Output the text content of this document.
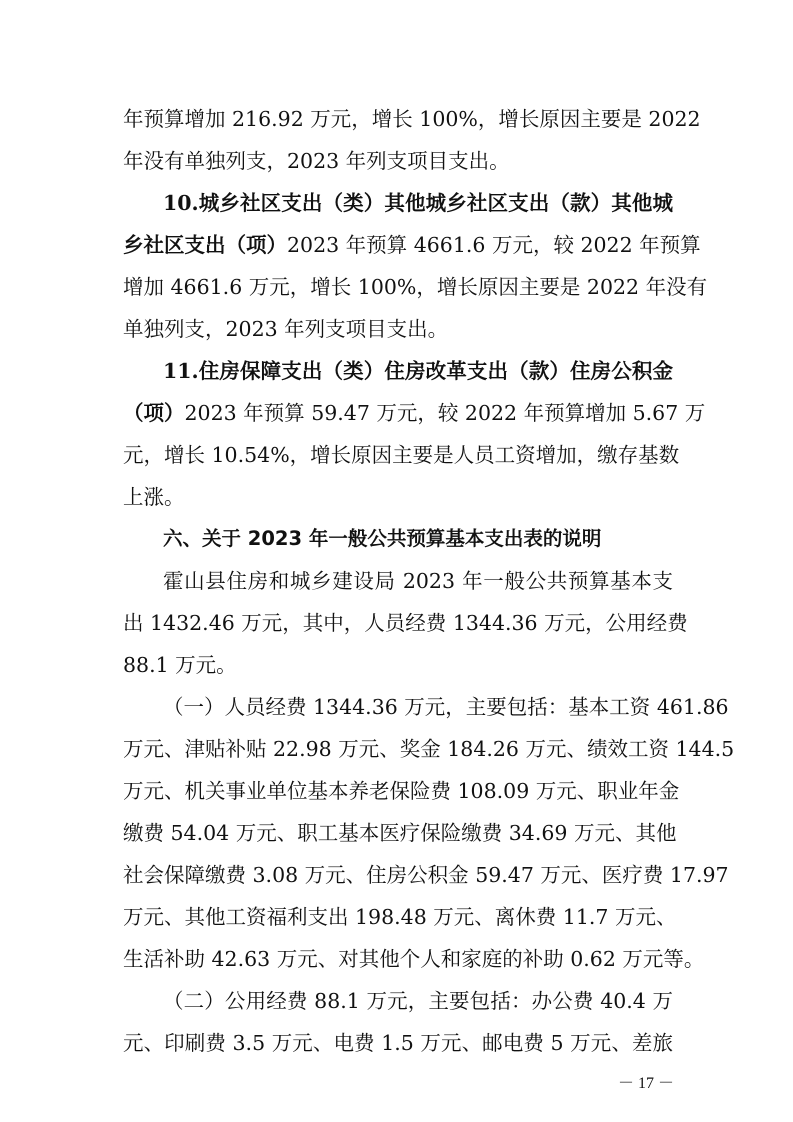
年预算增加 216.92 万元，增长 100%，增长原因主要是 2022
年没有单独列支，2023 年列支项目支出。
10.城乡社区支出（类）其他城乡社区支出（款）其他城
乡社区支出（项）2023 年预算 4661.6 万元，较 2022 年预算
增加 4661.6 万元，增长 100%，增长原因主要是 2022 年没有
单独列支，2023 年列支项目支出。
11.住房保障支出（类）住房改革支出（款）住房公积金
（项）2023 年预算 59.47 万元，较 2022 年预算增加 5.67 万
元，增长 10.54%，增长原因主要是人员工资增加，缴存基数
上涨。
六、关于 2023 年一般公共预算基本支出表的说明
霍山县住房和城乡建设局 2023 年一般公共预算基本支
出 1432.46 万元，其中，人员经费 1344.36 万元，公用经费
88.1 万元。
（一）人员经费 1344.36 万元，主要包括：基本工资 461.86
万元、津贴补贴 22.98 万元、奖金 184.26 万元、绩效工资 144.5
万元、机关事业单位基本养老保险费 108.09 万元、职业年金
缴费 54.04 万元、职工基本医疗保险缴费 34.69 万元、其他
社会保障缴费 3.08 万元、住房公积金 59.47 万元、医疗费 17.97
万元、其他工资福利支出 198.48 万元、离休费 11.7 万元、
生活补助 42.63 万元、对其他个人和家庭的补助 0.62 万元等。
（二）公用经费 88.1 万元，主要包括：办公费 40.4 万
元、印刷费 3.5 万元、电费 1.5 万元、邮电费 5 万元、差旅
－ 17 －
